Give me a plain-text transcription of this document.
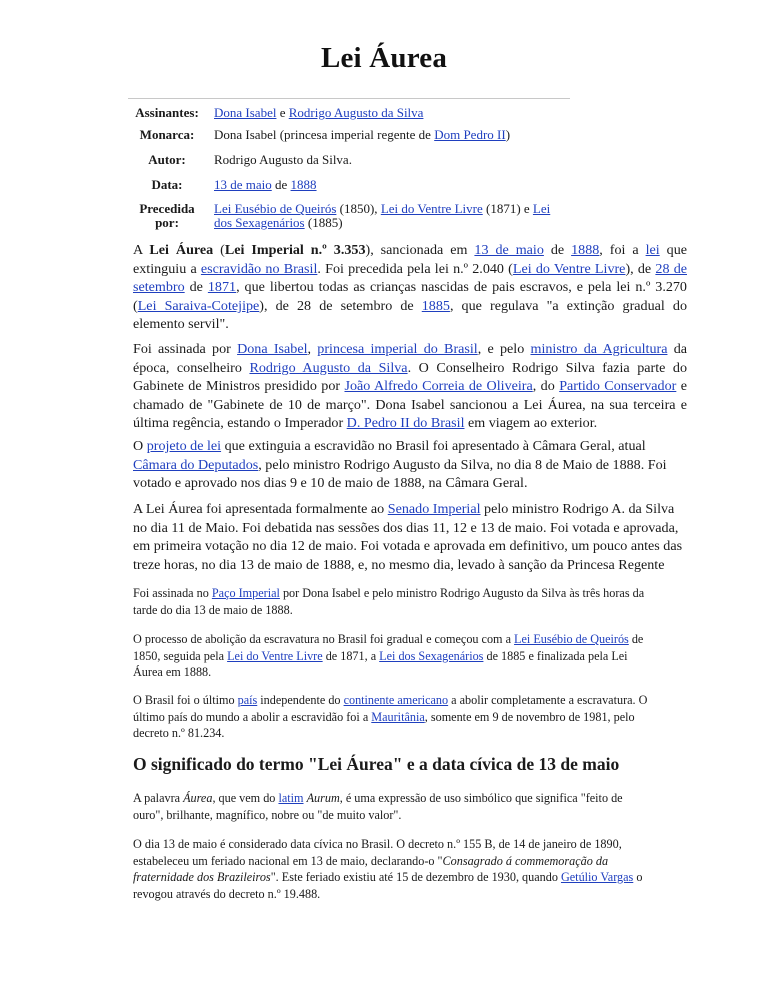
Lei Áurea
Assinantes:	Dona Isabel e Rodrigo Augusto da Silva
Monarca:	Dona Isabel (princesa imperial regente de Dom Pedro II)
Autor:	Rodrigo Augusto da Silva.
Data:	13 de maio de 1888
Precedida
por:	Lei Eusébio de Queirós (1850), Lei do Ventre Livre (1871) e Lei
dos Sexagenários (1885)
A Lei Áurea (Lei Imperial n.º 3.353), sancionada em 13 de maio de 1888, foi a lei que
extinguiu a escravidão no Brasil. Foi precedida pela lei n.º 2.040 (Lei do Ventre Livre), de 28 de
setembro de 1871, que libertou todas as crianças nascidas de pais escravos, e pela lei n.º 3.270
(Lei Saraiva-Cotejipe), de 28 de setembro de 1885, que regulava "a extinção gradual do
elemento servil".
Foi assinada por Dona Isabel, princesa imperial do Brasil, e pelo ministro da Agricultura da
época, conselheiro Rodrigo Augusto da Silva. O Conselheiro Rodrigo Silva fazia parte do
Gabinete de Ministros presidido por João Alfredo Correia de Oliveira, do Partido Conservador e
chamado de "Gabinete de 10 de março". Dona Isabel sancionou a Lei Áurea, na sua terceira e
última regência, estando o Imperador D. Pedro II do Brasil em viagem ao exterior.
O projeto de lei que extinguia a escravidão no Brasil foi apresentado à Câmara Geral, atual
Câmara do Deputados, pelo ministro Rodrigo Augusto da Silva, no dia 8 de Maio de 1888. Foi
votado e aprovado nos dias 9 e 10 de maio de 1888, na Câmara Geral.
A Lei Áurea foi apresentada formalmente ao Senado Imperial pelo ministro Rodrigo A. da Silva
no dia 11 de Maio. Foi debatida nas sessões dos dias 11, 12 e 13 de maio. Foi votada e aprovada,
em primeira votação no dia 12 de maio. Foi votada e aprovada em definitivo, um pouco antes das
treze horas, no dia 13 de maio de 1888, e, no mesmo dia, levado à sanção da Princesa Regente
Foi assinada no Paço Imperial por Dona Isabel e pelo ministro Rodrigo Augusto da Silva às três horas da
tarde do dia 13 de maio de 1888.
O processo de abolição da escravatura no Brasil foi gradual e começou com a Lei Eusébio de Queirós de
1850, seguida pela Lei do Ventre Livre de 1871, a Lei dos Sexagenários de 1885 e finalizada pela Lei
Áurea em 1888.
O Brasil foi o último país independente do continente americano a abolir completamente a escravatura. O
último país do mundo a abolir a escravidão foi a Mauritânia, somente em 9 de novembro de 1981, pelo
decreto n.º 81.234.
O significado do termo "Lei Áurea" e a data cívica de 13 de maio
A palavra Áurea, que vem do latim Aurum, é uma expressão de uso simbólico que significa "feito de
ouro", brilhante, magnífico, nobre ou "de muito valor".
O dia 13 de maio é considerado data cívica no Brasil. O decreto n.º 155 B, de 14 de janeiro de 1890,
estabeleceu um feriado nacional em 13 de maio, declarando-o "Consagrado á commemoração da
fraternidade dos Brazileiros". Este feriado existiu até 15 de dezembro de 1930, quando Getúlio Vargas o
revogou através do decreto n.º 19.488.
